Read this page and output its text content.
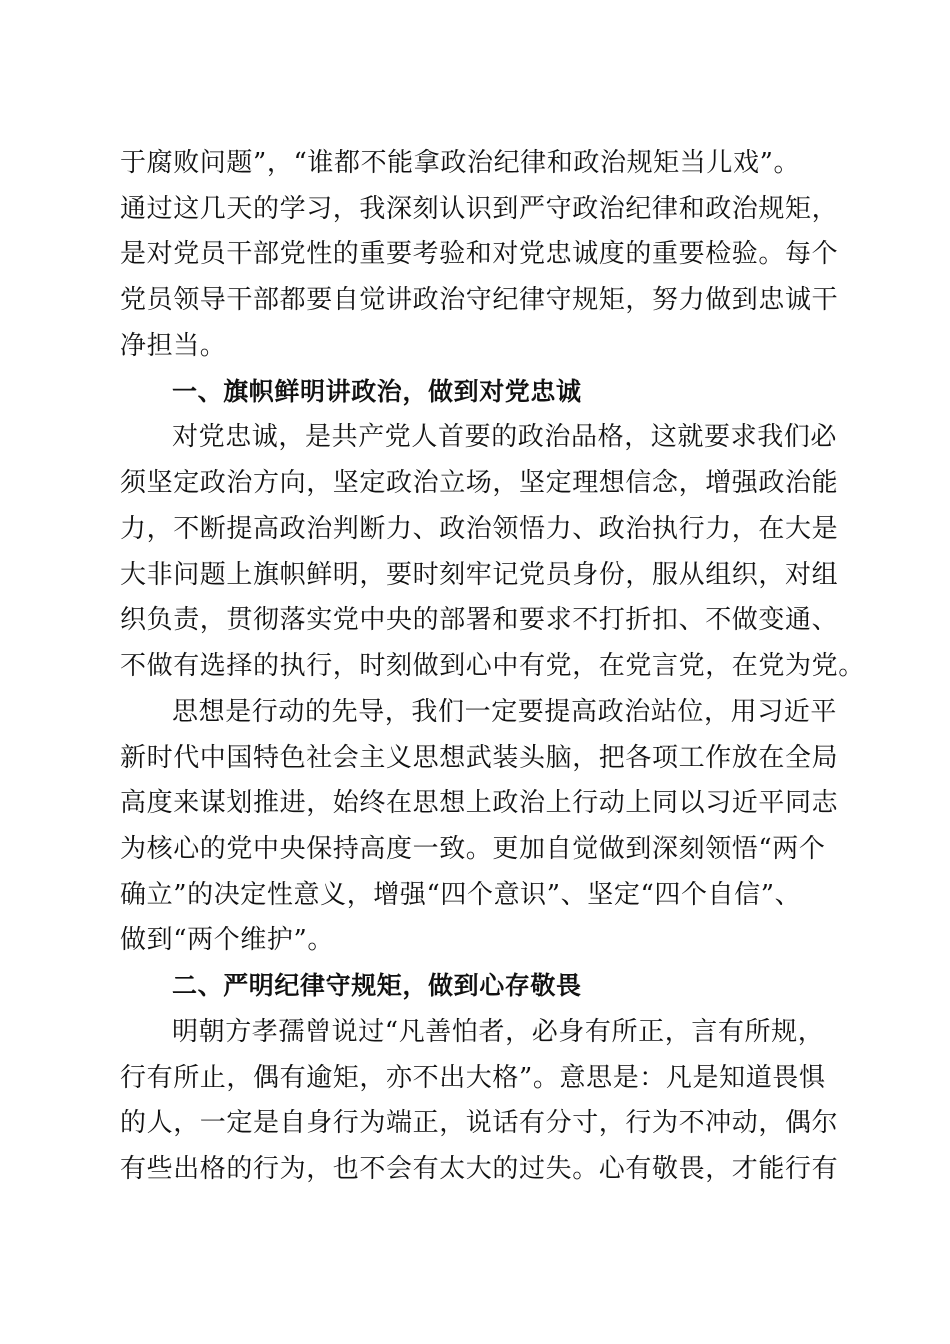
于腐败问题”，“谁都不能拿政治纪律和政治规矩当儿戏”。
通过这几天的学习，我深刻认识到严守政治纪律和政治规矩，
是对党员干部党性的重要考验和对党忠诚度的重要检验。每个
党员领导干部都要自觉讲政治守纪律守规矩，努力做到忠诚干
净担当。
一、旗帜鲜明讲政治，做到对党忠诚
对党忠诚，是共产党人首要的政治品格，这就要求我们必
须坚定政治方向，坚定政治立场，坚定理想信念，增强政治能
力，不断提高政治判断力、政治领悟力、政治执行力，在大是
大非问题上旗帜鲜明，要时刻牢记党员身份，服从组织，对组
织负责，贯彻落实党中央的部署和要求不打折扣、不做变通、
不做有选择的执行，时刻做到心中有党，在党言党，在党为党。
思想是行动的先导，我们一定要提高政治站位，用习近平
新时代中国特色社会主义思想武装头脑，把各项工作放在全局
高度来谋划推进，始终在思想上政治上行动上同以习近平同志
为核心的党中央保持高度一致。更加自觉做到深刻领悟“两个
确立”的决定性意义，增强“四个意识”、坚定“四个自信”、
做到“两个维护”。
二、严明纪律守规矩，做到心存敬畏
明朝方孝孺曾说过“凡善怕者，必身有所正，言有所规，
行有所止，偶有逾矩，亦不出大格”。意思是：凡是知道畏惧
的人，一定是自身行为端正，说话有分寸，行为不冲动，偶尔
有些出格的行为，也不会有太大的过失。心有敬畏，才能行有
